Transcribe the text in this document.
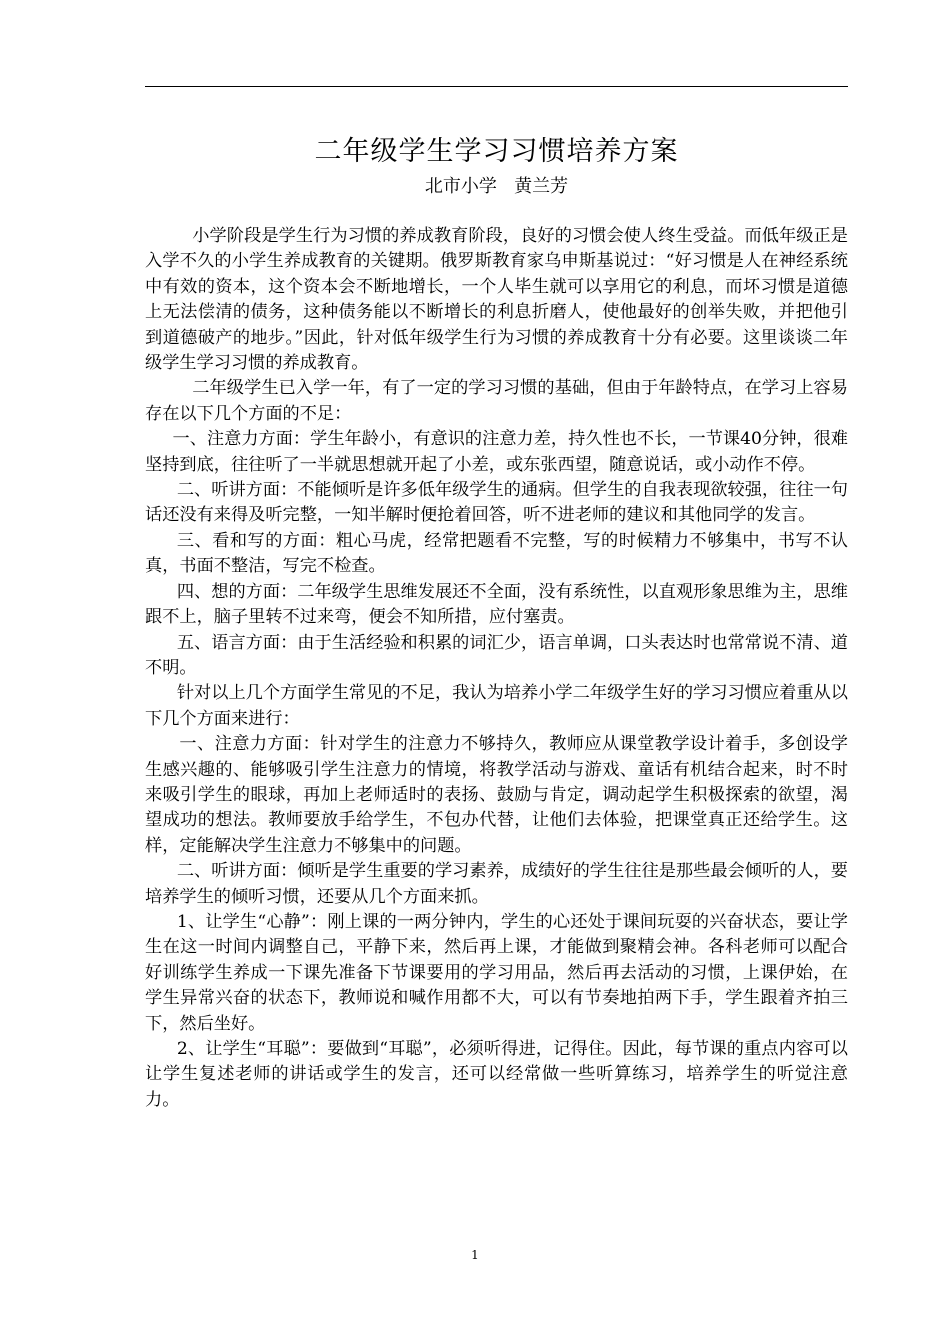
二年级学生学习习惯培养方案
北市小学   黄兰芳

小学阶段是学生行为习惯的养成教育阶段，良好的习惯会使人终生受益。而低年级正是入学不久的小学生养成教育的关键期。俄罗斯教育家乌申斯基说过：“好习惯是人在神经系统中有效的资本，这个资本会不断地增长，一个人毕生就可以享用它的利息，而坏习惯是道德上无法偿清的债务，这种债务能以不断增长的利息折磨人，使他最好的创举失败，并把他引到道德破产的地步。”因此，针对低年级学生行为习惯的养成教育十分有必要。这里谈谈二年级学生学习习惯的养成教育。

二年级学生已入学一年，有了一定的学习习惯的基础，但由于年龄特点，在学习上容易存在以下几个方面的不足：

一、注意力方面：学生年龄小，有意识的注意力差，持久性也不长，一节课40分钟，很难坚持到底，往往听了一半就思想就开起了小差，或东张西望，随意说话，或小动作不停。

二、听讲方面：不能倾听是许多低年级学生的通病。但学生的自我表现欲较强，往往一句话还没有来得及听完整，一知半解时便抢着回答，听不进老师的建议和其他同学的发言。

三、看和写的方面：粗心马虎，经常把题看不完整，写的时候精力不够集中，书写不认真，书面不整洁，写完不检查。

四、想的方面：二年级学生思维发展还不全面，没有系统性，以直观形象思维为主，思维跟不上，脑子里转不过来弯，便会不知所措，应付塞责。

五、语言方面：由于生活经验和积累的词汇少，语言单调，口头表达时也常常说不清、道不明。

针对以上几个方面学生常见的不足，我认为培养小学二年级学生好的学习习惯应着重从以下几个方面来进行：

一、注意力方面：针对学生的注意力不够持久，教师应从课堂教学设计着手，多创设学生感兴趣的、能够吸引学生注意力的情境，将教学活动与游戏、童话有机结合起来，时不时来吸引学生的眼球，再加上老师适时的表扬、鼓励与肯定，调动起学生积极探索的欲望，渴望成功的想法。教师要放手给学生，不包办代替，让他们去体验，把课堂真正还给学生。这样，定能解决学生注意力不够集中的问题。

二、听讲方面：倾听是学生重要的学习素养，成绩好的学生往往是那些最会倾听的人，要培养学生的倾听习惯，还要从几个方面来抓。

1、让学生“心静”：刚上课的一两分钟内，学生的心还处于课间玩耍的兴奋状态，要让学生在这一时间内调整自己，平静下来，然后再上课，才能做到聚精会神。各科老师可以配合好训练学生养成一下课先准备下节课要用的学习用品，然后再去活动的习惯，上课伊始，在学生异常兴奋的状态下，教师说和喊作用都不大，可以有节奏地拍两下手，学生跟着齐拍三下，然后坐好。

2、让学生“耳聪”：要做到“耳聪”，必须听得进，记得住。因此，每节课的重点内容可以让学生复述老师的讲话或学生的发言，还可以经常做一些听算练习，培养学生的听觉注意力。

1
